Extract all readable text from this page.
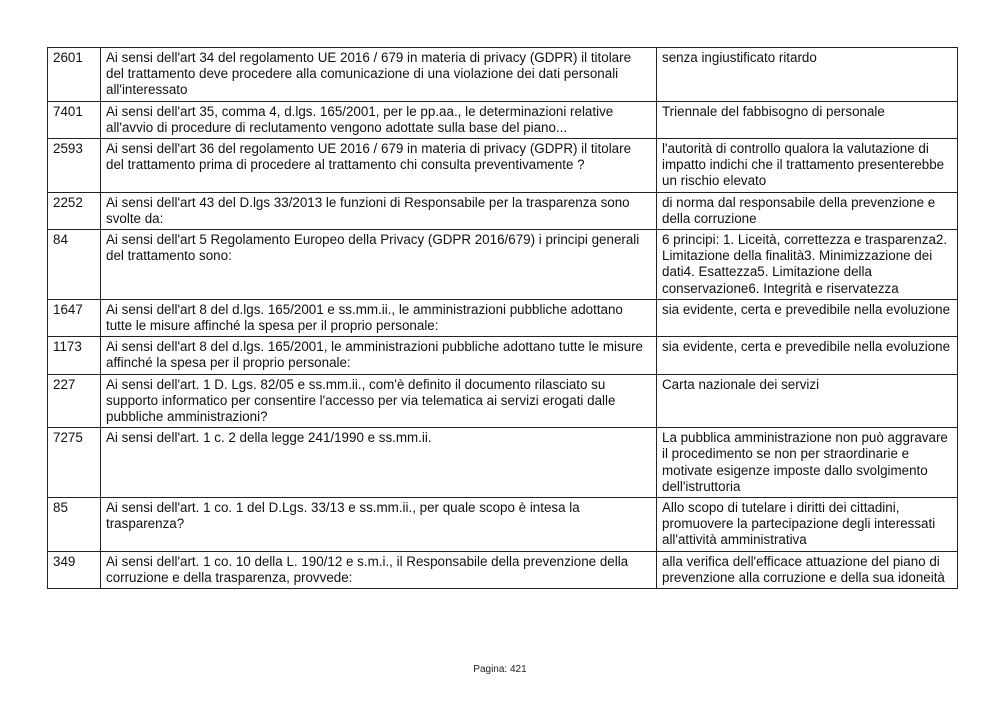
2601	Ai sensi dell'art 34 del regolamento UE 2016 / 679 in materia di privacy (GDPR) il titolare del trattamento deve procedere alla comunicazione di una violazione dei dati personali all'interessato	senza ingiustificato ritardo
7401	Ai sensi dell'art 35, comma 4, d.lgs. 165/2001, per le pp.aa., le determinazioni relative all'avvio di procedure di reclutamento vengono adottate sulla base del piano...	Triennale del fabbisogno di personale
2593	Ai sensi dell'art 36 del regolamento UE 2016 / 679 in materia di privacy (GDPR) il titolare del trattamento prima di procedere al trattamento chi consulta preventivamente ?	l'autorità di controllo qualora la valutazione di impatto indichi che il trattamento presenterebbe un rischio elevato
2252	Ai sensi dell'art 43 del D.lgs 33/2013 le funzioni di Responsabile per la trasparenza sono svolte da:	di norma dal responsabile della prevenzione e della corruzione
84	Ai sensi dell'art 5 Regolamento Europeo della Privacy (GDPR 2016/679) i principi generali del trattamento sono:	6 principi: 1. Liceità, correttezza e trasparenza2. Limitazione della finalità3. Minimizzazione dei dati4. Esattezza5. Limitazione della conservazione6. Integrità e riservatezza
1647	Ai sensi dell'art 8 del d.lgs. 165/2001 e ss.mm.ii., le amministrazioni pubbliche adottano tutte le misure affinché la spesa per il proprio personale:	sia evidente, certa e prevedibile nella evoluzione
1173	Ai sensi dell'art 8 del d.lgs. 165/2001, le amministrazioni pubbliche adottano tutte le misure affinché la spesa per il proprio personale:	sia evidente, certa e prevedibile nella evoluzione
227	Ai sensi dell'art. 1 D. Lgs. 82/05 e ss.mm.ii., com'è definito il documento rilasciato su supporto informatico per consentire l'accesso per via telematica ai servizi erogati dalle pubbliche amministrazioni?	Carta nazionale dei servizi
7275	Ai sensi dell'art. 1 c. 2 della legge 241/1990 e ss.mm.ii.	La pubblica amministrazione non può aggravare il procedimento se non per straordinarie e motivate esigenze imposte dallo svolgimento dell'istruttoria
85	Ai sensi dell'art. 1 co. 1 del D.Lgs. 33/13 e ss.mm.ii., per quale scopo è intesa la trasparenza?	Allo scopo di tutelare i diritti dei cittadini, promuovere la partecipazione degli interessati all'attività amministrativa
349	Ai sensi dell'art. 1 co. 10 della L. 190/12 e s.m.i., il Responsabile della prevenzione della corruzione e della trasparenza, provvede:	alla verifica dell'efficace attuazione del piano di prevenzione alla corruzione e della sua idoneità
Pagina: 421
